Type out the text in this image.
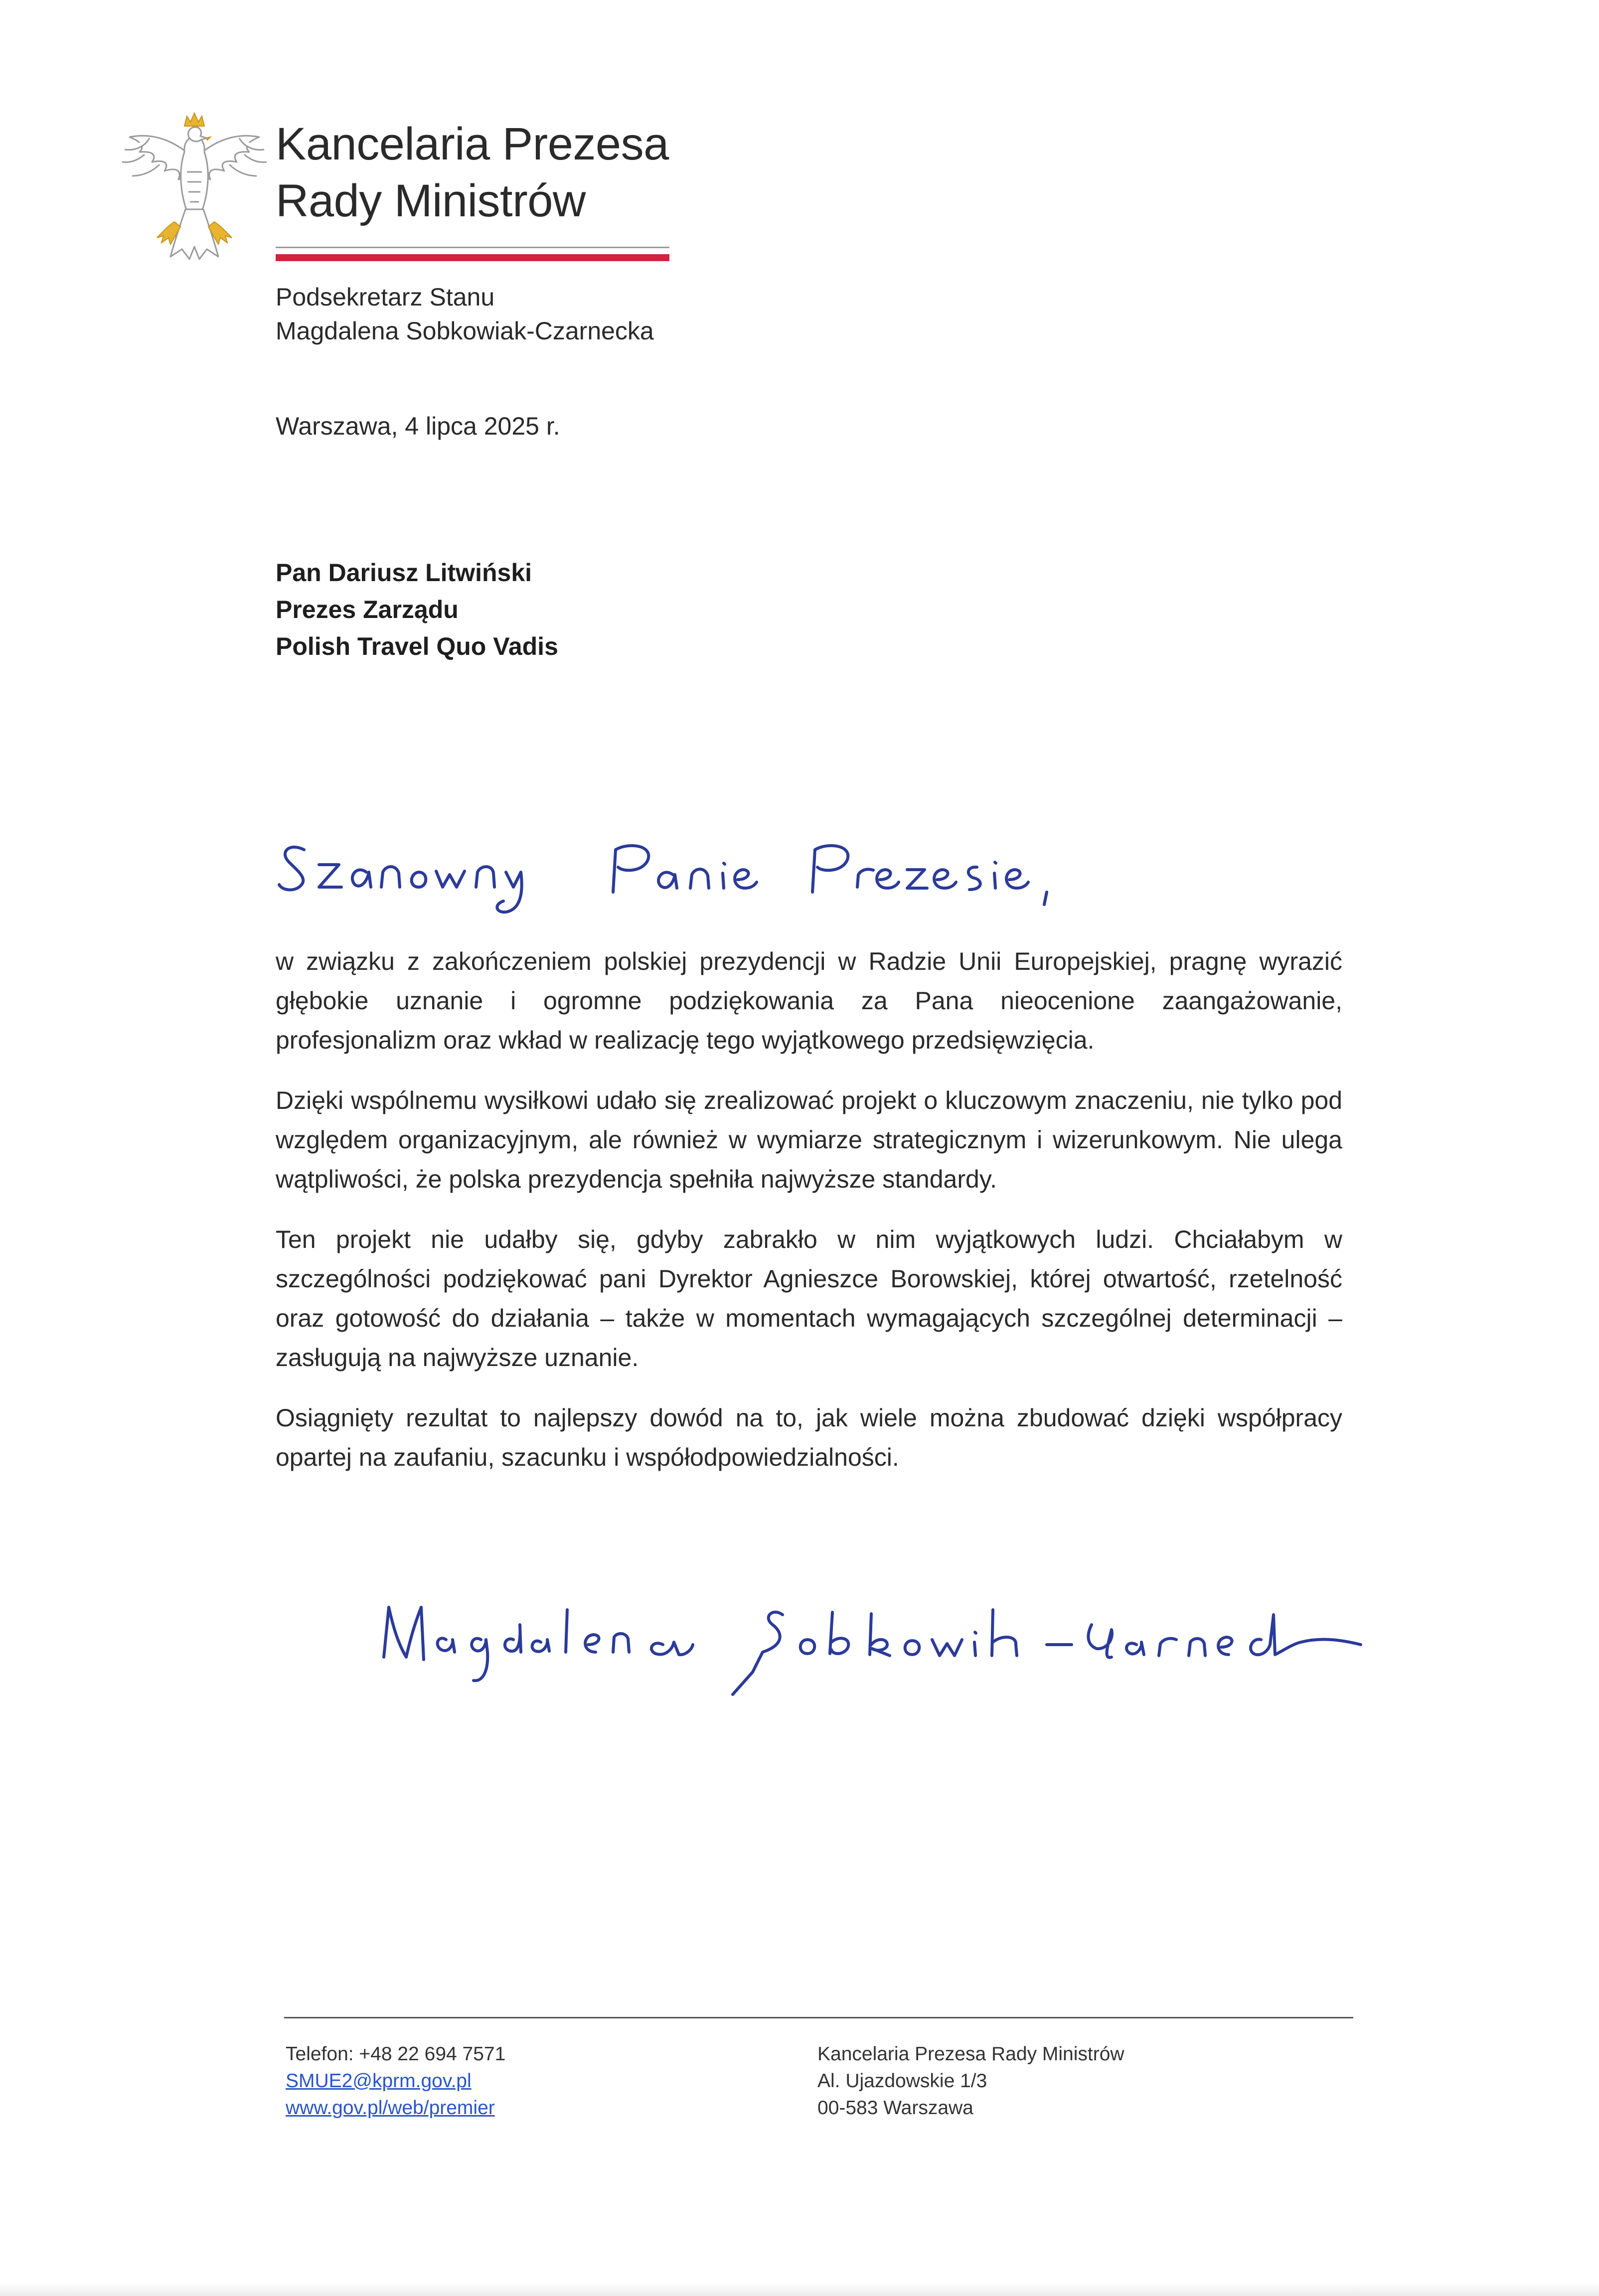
Kancelaria Prezesa
Rady Ministrów
Podsekretarz Stanu
Magdalena Sobkowiak-Czarnecka
Warszawa, 4 lipca 2025 r.
Pan Dariusz Litwiński
Prezes Zarządu
Polish Travel Quo Vadis

w związku z zakończeniem polskiej prezydencji w Radzie Unii Europejskiej, pragnę wyrazić głębokie uznanie i ogromne podziękowania za Pana nieocenione zaangażowanie, profesjonalizm oraz wkład w realizację tego wyjątkowego przedsięwzięcia.

Dzięki wspólnemu wysiłkowi udało się zrealizować projekt o kluczowym znaczeniu, nie tylko pod względem organizacyjnym, ale również w wymiarze strategicznym i wizerunkowym. Nie ulega wątpliwości, że polska prezydencja spełniła najwyższe standardy.

Ten projekt nie udałby się, gdyby zabrakło w nim wyjątkowych ludzi. Chciałabym w szczególności podziękować pani Dyrektor Agnieszce Borowskiej, której otwartość, rzetelność oraz gotowość do działania – także w momentach wymagających szczególnej determinacji – zasługują na najwyższe uznanie.

Osiągnięty rezultat to najlepszy dowód na to, jak wiele można zbudować dzięki współpracy opartej na zaufaniu, szacunku i współodpowiedzialności.

Telefon: +48 22 694 7571
SMUE2@kprm.gov.pl
www.gov.pl/web/premier
Kancelaria Prezesa Rady Ministrów
Al. Ujazdowskie 1/3
00-583 Warszawa
